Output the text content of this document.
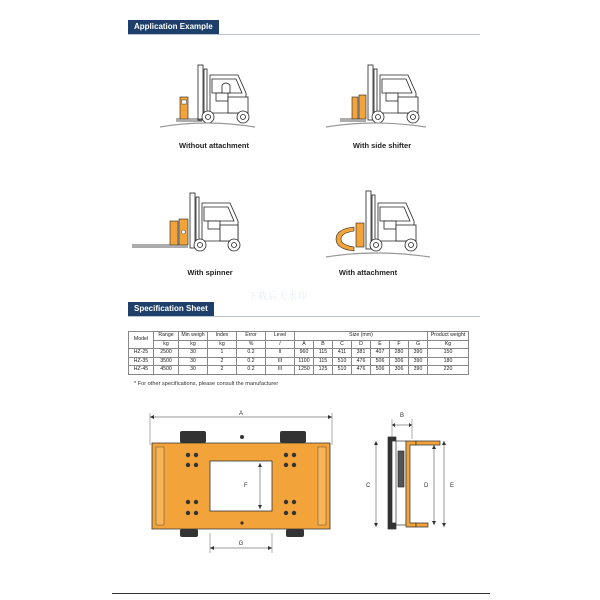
Application Example
Without attachment	With side shifter
With spinner	With attachment
下载后无水印
Specification Sheet
Model	Range	Min weigh	Index	Error	Level	Size (mm)							Product weight
	kg	kg	kg	%	/	A	B	C	D	E	F	G	Kg
HZ-25	2500	30	1	0.2	II	960	115	411	381	407	280	390	150
HZ-35	3500	30	2	0.2	III	1100	115	510	476	506	306	390	180
HZ-45	4500	30	2	0.2	III	1250	125	510	476	506	306	390	220
* For other specifications, please consult the manufacturer
A
F
G
B
C	D	E
